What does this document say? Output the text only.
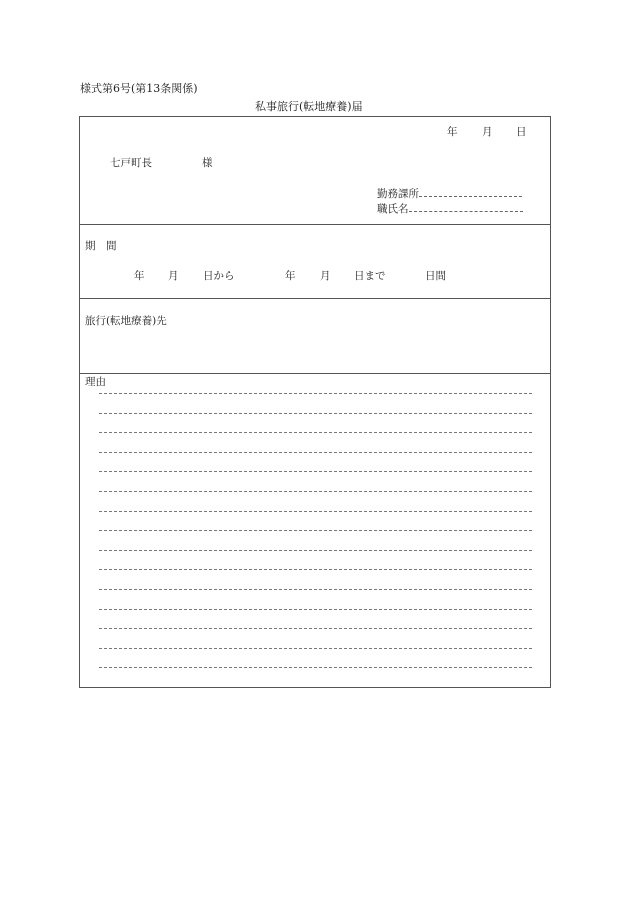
様式第6号(第13条関係)
私事旅行(転地療養)届
年 月 日
七戸町長	様
勤務課所
職氏名
期　間
年 月 日から	年 月 日まで	日間
旅行(転地療養)先
理由
